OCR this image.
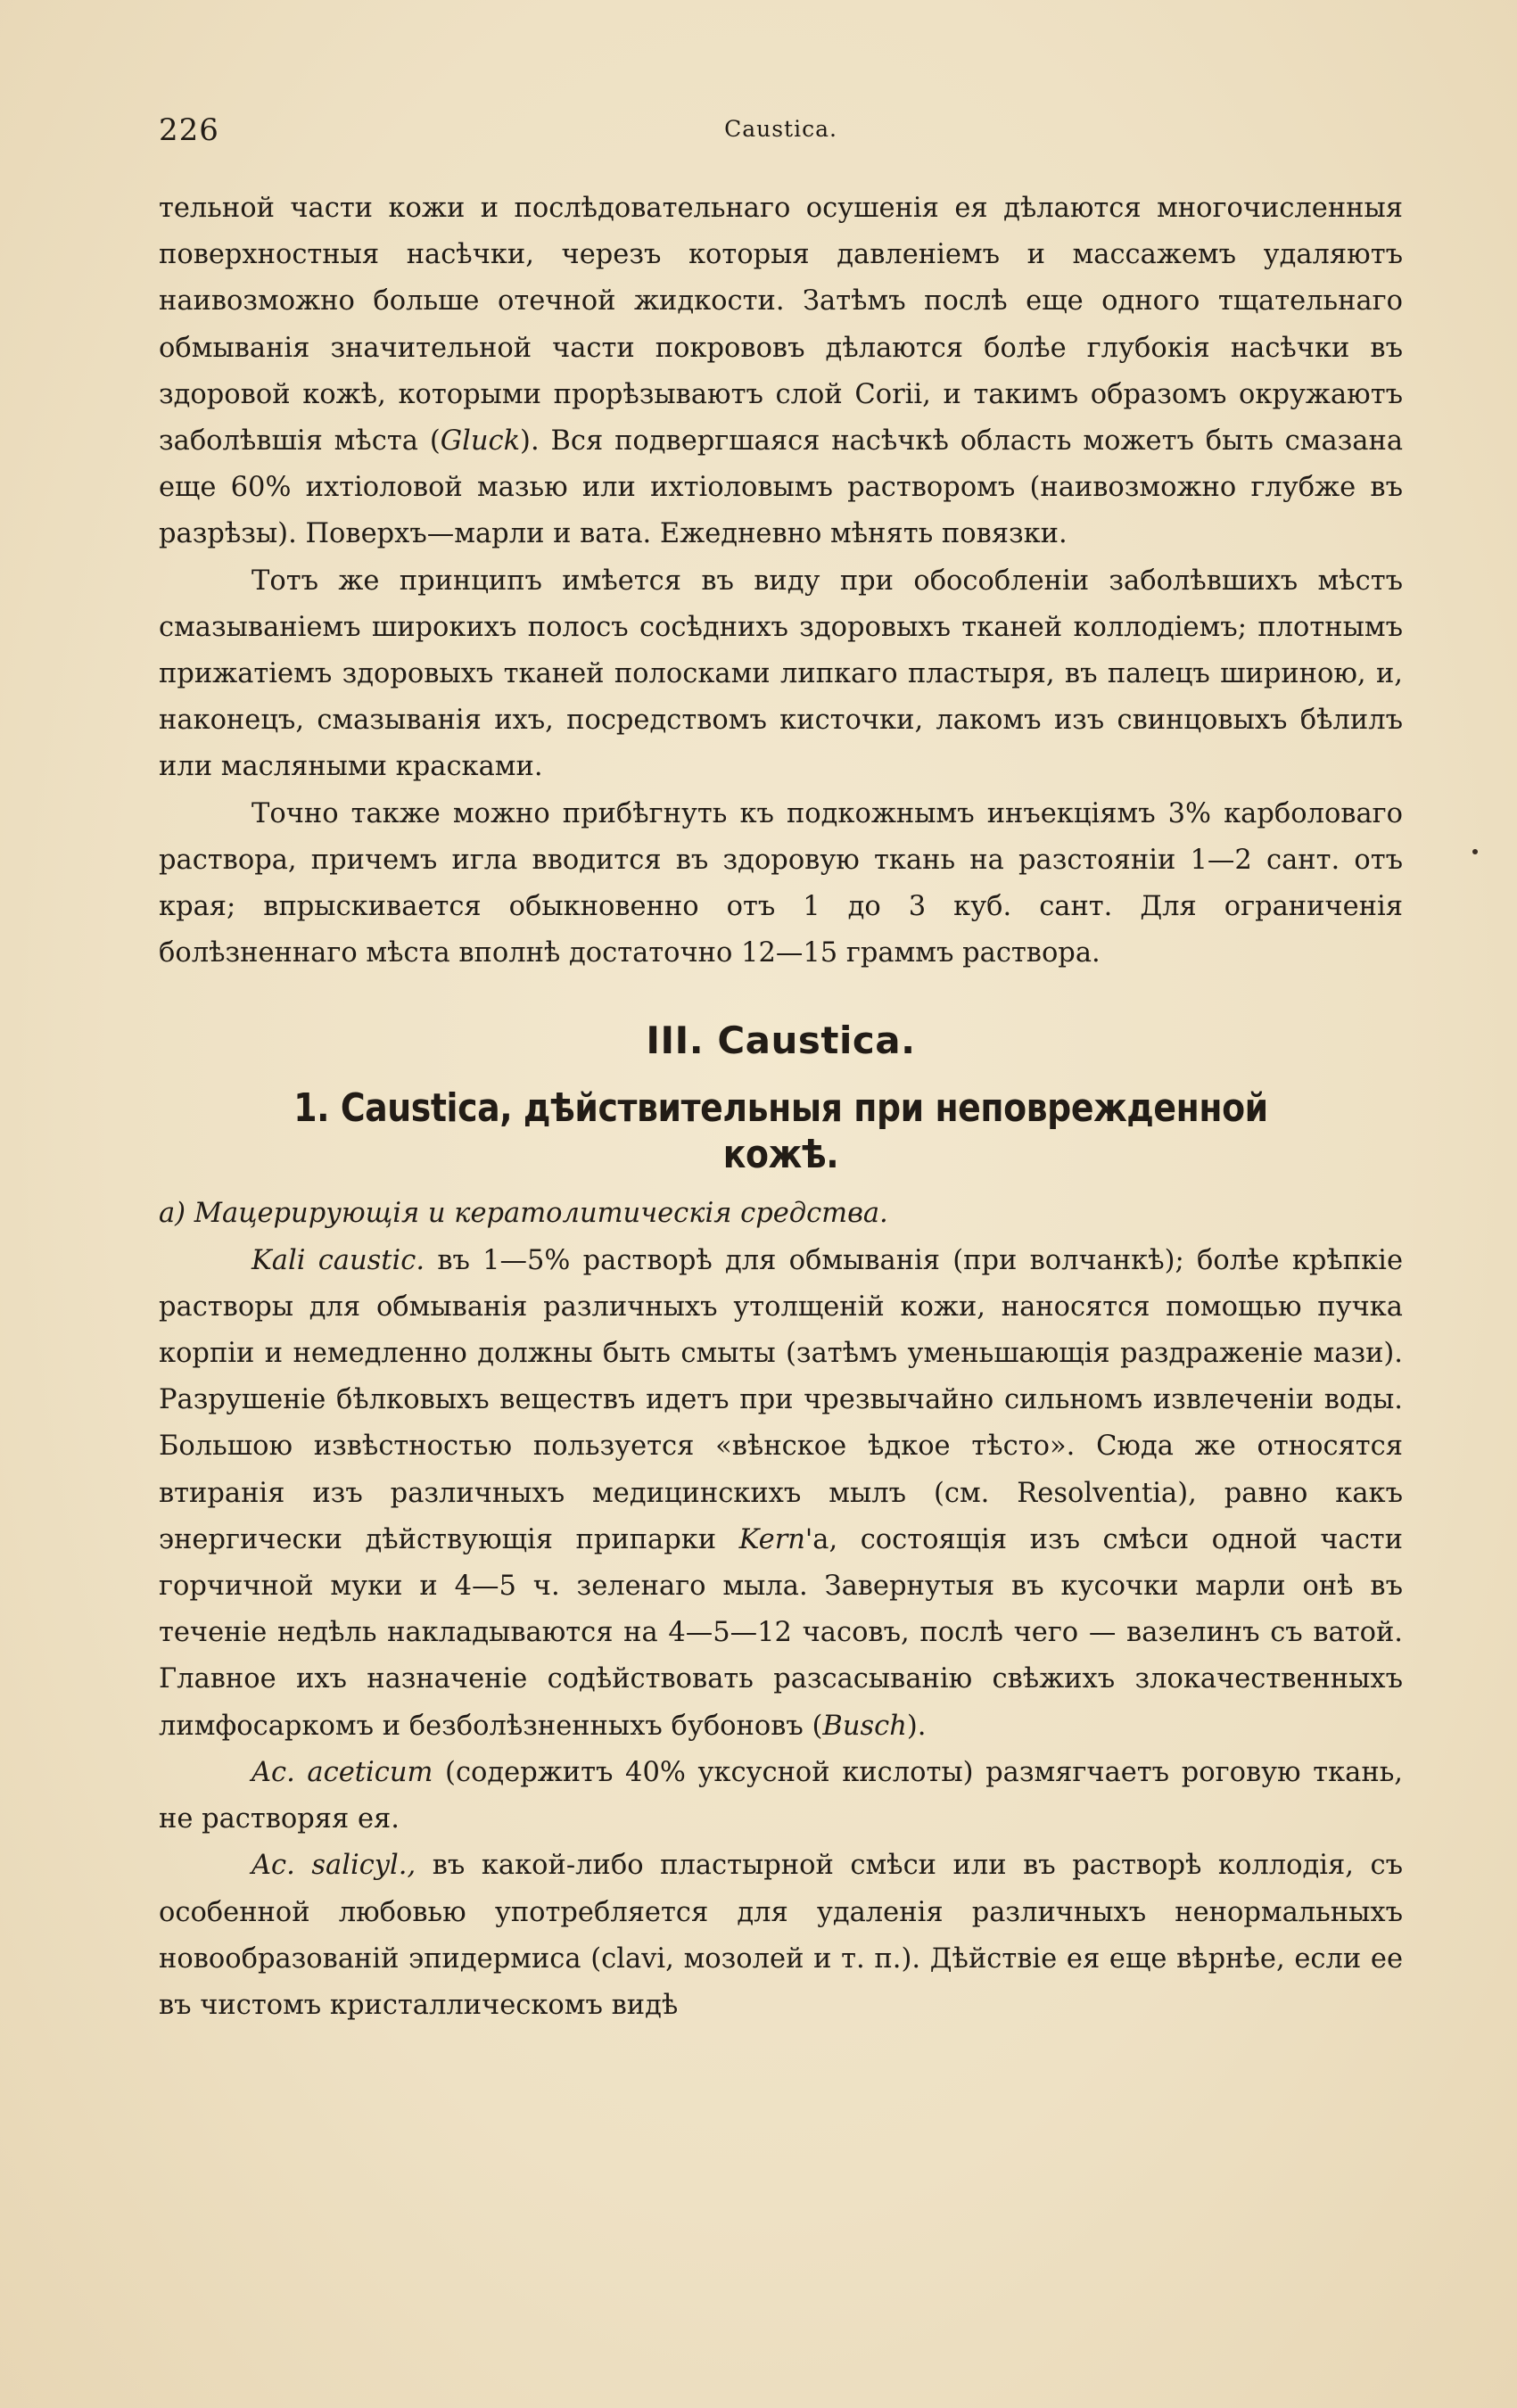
226	Caustica.

тельной части кожи и послѣдовательнаго осушенія ея дѣлаются многочисленныя поверхностныя насѣчки, черезъ которыя давленіемъ и массажемъ удаляютъ наивозможно больше отечной жидкости. Затѣмъ послѣ еще одного тщательнаго обмыванія значительной части покрововъ дѣлаются болѣе глубокія насѣчки въ здоровой кожѣ, которыми прорѣзываютъ слой Corii, и такимъ образомъ окружаютъ заболѣвшія мѣста (Gluck). Вся подвергшаяся насѣчкѣ область можетъ быть смазана еще 60% ихтіоловой мазью или ихтіоловымъ растворомъ (наивозможно глубже въ разрѣзы). Поверхъ—марли и вата. Ежедневно мѣнять повязки.

Тотъ же принципъ имѣется въ виду при обособленіи заболѣвшихъ мѣстъ смазываніемъ широкихъ полосъ сосѣднихъ здоровыхъ тканей коллодіемъ; плотнымъ прижатіемъ здоровыхъ тканей полосками липкаго пластыря, въ палецъ шириною, и, наконецъ, смазыванія ихъ, посредствомъ кисточки, лакомъ изъ свинцовыхъ бѣлилъ или масляными красками.

Точно также можно прибѣгнуть къ подкожнымъ инъекціямъ 3% карболоваго раствора, причемъ игла вводится въ здоровую ткань на разстояніи 1—2 сант. отъ края; впрыскивается обыкновенно отъ 1 до 3 куб. сант. Для ограниченія болѣзненнаго мѣста вполнѣ достаточно 12—15 граммъ раствора.

III. Caustica.
1. Caustica, дѣйствительныя при неповрежденной кожѣ.

а) Мацерирующія и кератолитическія средства.

Kali caustic. въ 1—5% растворѣ для обмыванія (при волчанкѣ); болѣе крѣпкіе растворы для обмыванія различныхъ утолщеній кожи, наносятся помощью пучка корпіи и немедленно должны быть смыты (затѣмъ уменьшающія раздраженіе мази). Разрушеніе бѣлковыхъ веществъ идетъ при чрезвычайно сильномъ извлеченіи воды. Большою извѣстностью пользуется «вѣнское ѣдкое тѣсто». Сюда же относятся втиранія изъ различныхъ медицинскихъ мылъ (см. Resolventia), равно какъ энергически дѣйствующія припарки Kern'а, состоящія изъ смѣси одной части горчичной муки и 4—5 ч. зеленаго мыла. Завернутыя въ кусочки марли онѣ въ теченіе недѣль накладываются на 4—5—12 часовъ, послѣ чего — вазелинъ съ ватой. Главное ихъ назначеніе содѣйствовать разсасыванію свѣжихъ злокачественныхъ лимфосаркомъ и безболѣзненныхъ бубоновъ (Busch).

Ac. aceticum (содержитъ 40% уксусной кислоты) размягчаетъ роговую ткань, не растворяя ея.

Ac. salicyl., въ какой-либо пластырной смѣси или въ растворѣ коллодія, съ особенной любовью употребляется для удаленія различныхъ ненормальныхъ новообразованій эпидермиса (clavi, мозолей и т. п.). Дѣйствіе ея еще вѣрнѣе, если ее въ чистомъ кристаллическомъ видѣ
